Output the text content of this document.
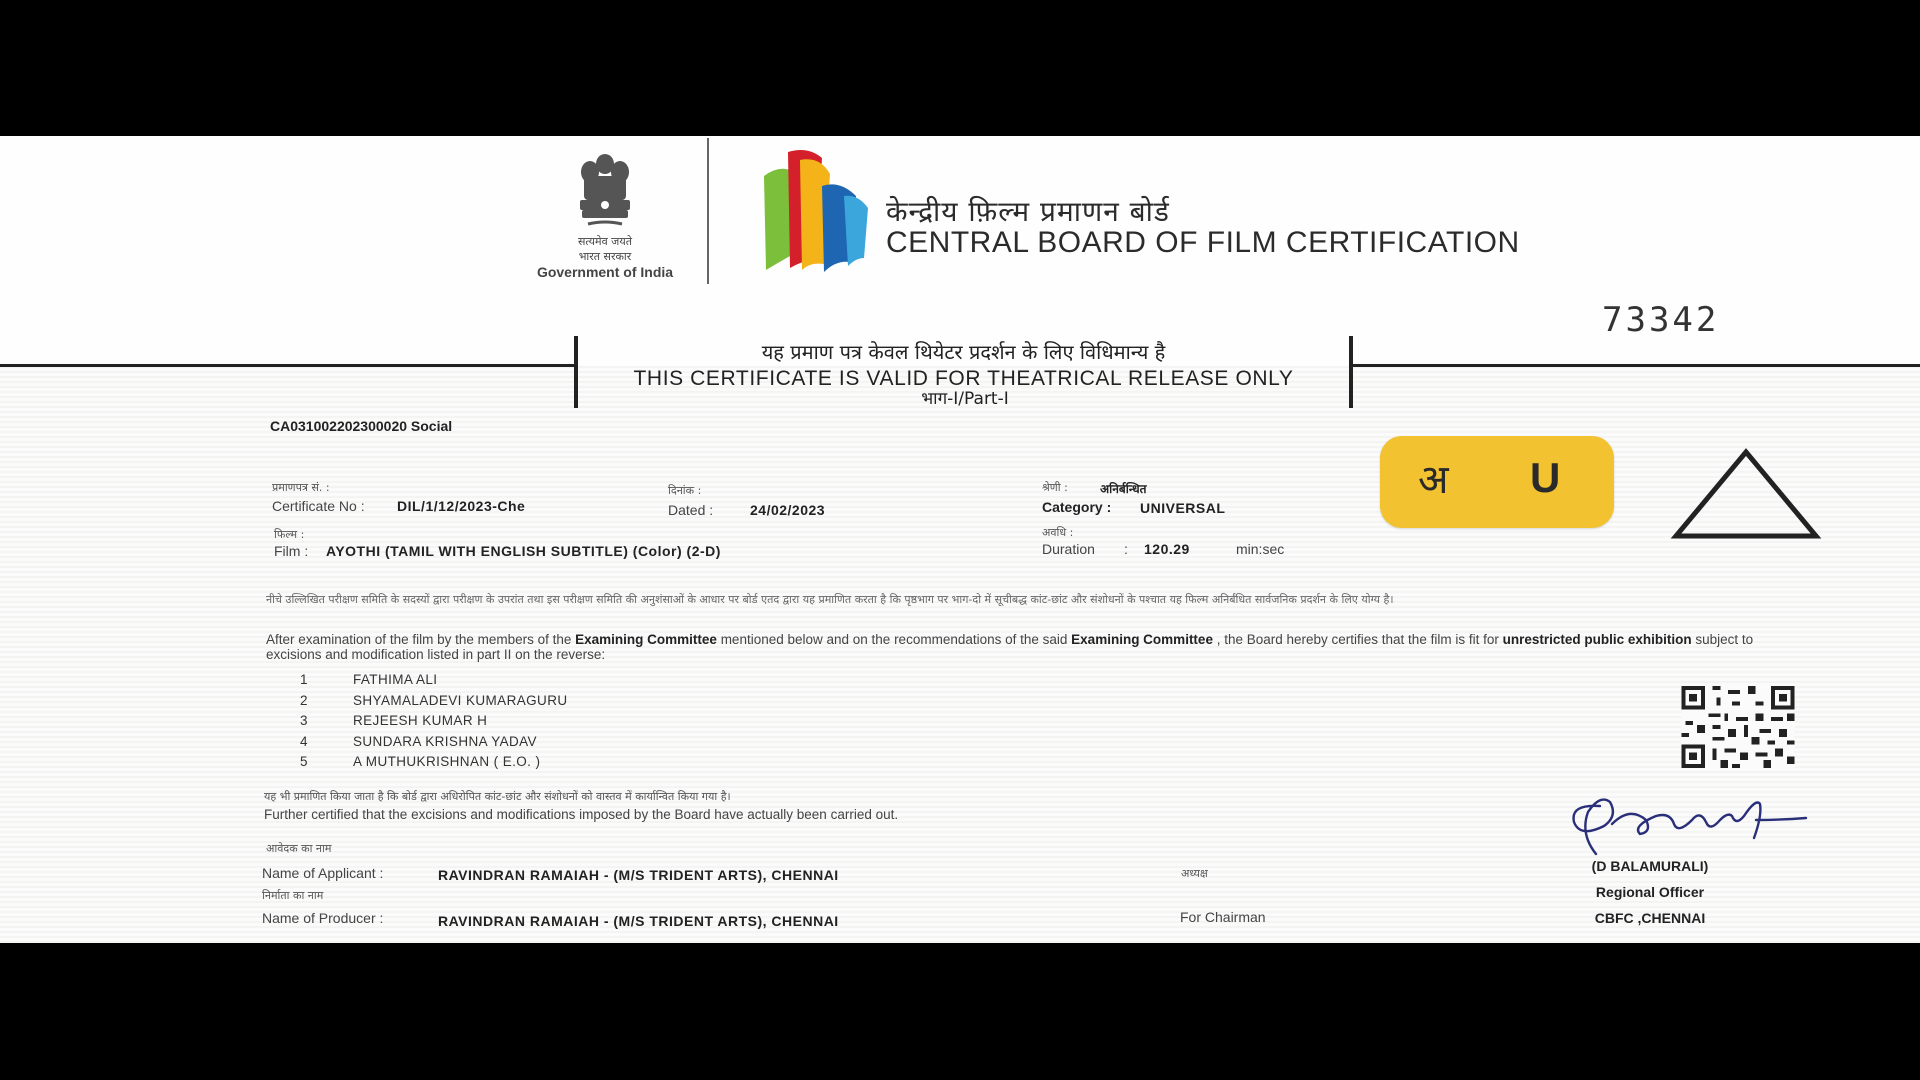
सत्यमेव जयते
भारत सरकार
Government of India
केन्द्रीय फ़िल्म प्रमाणन बोर्ड
CENTRAL BOARD OF FILM CERTIFICATION
73342
यह प्रमाण पत्र केवल थियेटर प्रदर्शन के लिए विधिमान्य है
THIS CERTIFICATE IS VALID FOR THEATRICAL RELEASE ONLY
भाग-I/Part-I
CA031002202300020 Social
प्रमाणपत्र सं. :
Certificate No : DIL/1/12/2023-Che
दिनांक :
Dated :	24/02/2023
श्रेणी :	अनिर्बन्धित
Category : UNIVERSAL
फिल्म :
Film : AYOTHI (TAMIL WITH ENGLISH SUBTITLE) (Color) (2-D)
अवधि :
Duration : 120.29	min:sec
अ U
नीचे उल्लिखित परीक्षण समिति के सदस्यों द्वारा परीक्षण के उपरांत तथा इस परीक्षण समिति की अनुशंसाओं के आधार पर बोर्ड एतद द्वारा यह प्रमाणित करता है कि पृष्ठभाग पर भाग-दो में सूचीबद्ध कांट-छांट और संशोधनों के पश्चात यह फिल्म अनिर्बंधित सार्वजनिक प्रदर्शन के लिए योग्य है।
After examination of the film by the members of the Examining Committee mentioned below and on the recommendations of the said Examining Committee , the Board hereby certifies that the film is fit for unrestricted public exhibition subject to excisions and modification listed in part II on the reverse:
1	FATHIMA ALI
2	SHYAMALADEVI KUMARAGURU
3	REJEESH KUMAR H
4	SUNDARA KRISHNA YADAV
5	A MUTHUKRISHNAN ( E.O. )
यह भी प्रमाणित किया जाता है कि बोर्ड द्वारा अधिरोपित कांट-छांट और संशोधनों को वास्तव में कार्यान्वित किया गया है।
Further certified that the excisions and modifications imposed by the Board have actually been carried out.
आवेदक का नाम
Name of Applicant :	RAVINDRAN RAMAIAH - (M/S TRIDENT ARTS), CHENNAI
निर्माता का नाम
Name of Producer :	RAVINDRAN RAMAIAH - (M/S TRIDENT ARTS), CHENNAI
अध्यक्ष
For Chairman
(D BALAMURALI)
Regional Officer
CBFC ,CHENNAI
